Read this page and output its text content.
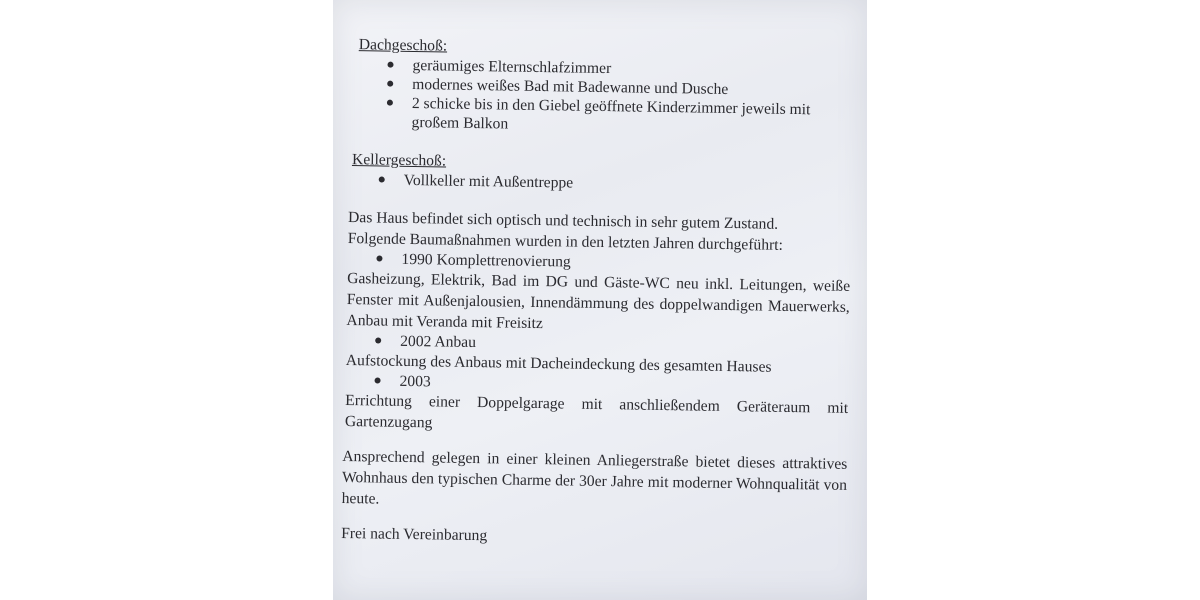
Dachgeschoß:

geräumiges Elternschlafzimmer
modernes weißes Bad mit Badewanne und Dusche
2 schicke bis in den Giebel geöffnete Kinderzimmer jeweils mit großem Balkon

Kellergeschoß:

Vollkeller mit Außentreppe

Das Haus befindet sich optisch und technisch in sehr gutem Zustand.

Folgende Baumaßnahmen wurden in den letzten Jahren durchgeführt:

1990 Komplettrenovierung

Gasheizung, Elektrik, Bad im DG und Gäste-WC neu inkl. Leitungen, weiße Fenster mit Außenjalousien, Innendämmung des doppelwandigen Mauerwerks, Anbau mit Veranda mit Freisitz

2002 Anbau

Aufstockung des Anbaus mit Dacheindeckung des gesamten Hauses

2003

Errichtung einer Doppelgarage mit anschließendem Geräteraum mit Gartenzugang

Ansprechend gelegen in einer kleinen Anliegerstraße bietet dieses attraktives Wohnhaus den typischen Charme der 30er Jahre mit moderner Wohnqualität von heute.

Frei nach Vereinbarung
